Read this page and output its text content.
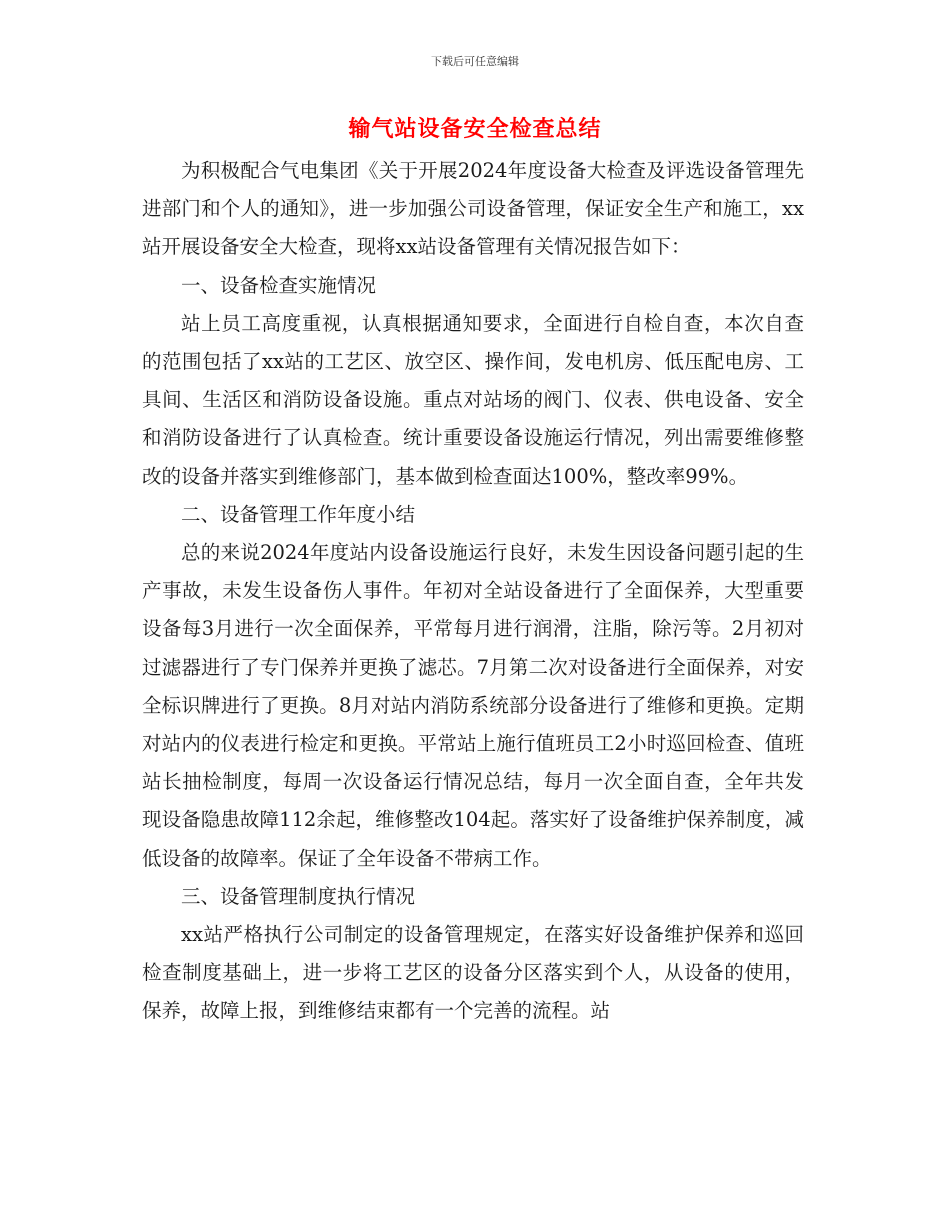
下载后可任意编辑
输气站设备安全检查总结

为积极配合气电集团《关于开展2024年度设备大检查及评选设备管理先进部门和个人的通知》，进一步加强公司设备管理，保证安全生产和施工，xx站开展设备安全大检查，现将xx站设备管理有关情况报告如下：

一、设备检查实施情况

站上员工高度重视，认真根据通知要求，全面进行自检自查，本次自查的范围包括了xx站的工艺区、放空区、操作间，发电机房、低压配电房、工具间、生活区和消防设备设施。重点对站场的阀门、仪表、供电设备、安全和消防设备进行了认真检查。统计重要设备设施运行情况，列出需要维修整改的设备并落实到维修部门，基本做到检查面达100%，整改率99%。

二、设备管理工作年度小结

总的来说2024年度站内设备设施运行良好，未发生因设备问题引起的生产事故，未发生设备伤人事件。年初对全站设备进行了全面保养，大型重要设备每3月进行一次全面保养，平常每月进行润滑，注脂，除污等。2月初对过滤器进行了专门保养并更换了滤芯。7月第二次对设备进行全面保养，对安全标识牌进行了更换。8月对站内消防系统部分设备进行了维修和更换。定期对站内的仪表进行检定和更换。平常站上施行值班员工2小时巡回检查、值班站长抽检制度，每周一次设备运行情况总结，每月一次全面自查，全年共发现设备隐患故障112余起，维修整改104起。落实好了设备维护保养制度，减低设备的故障率。保证了全年设备不带病工作。

三、设备管理制度执行情况

xx站严格执行公司制定的设备管理规定，在落实好设备维护保养和巡回检查制度基础上，进一步将工艺区的设备分区落实到个人，从设备的使用，保养，故障上报，到维修结束都有一个完善的流程。站
